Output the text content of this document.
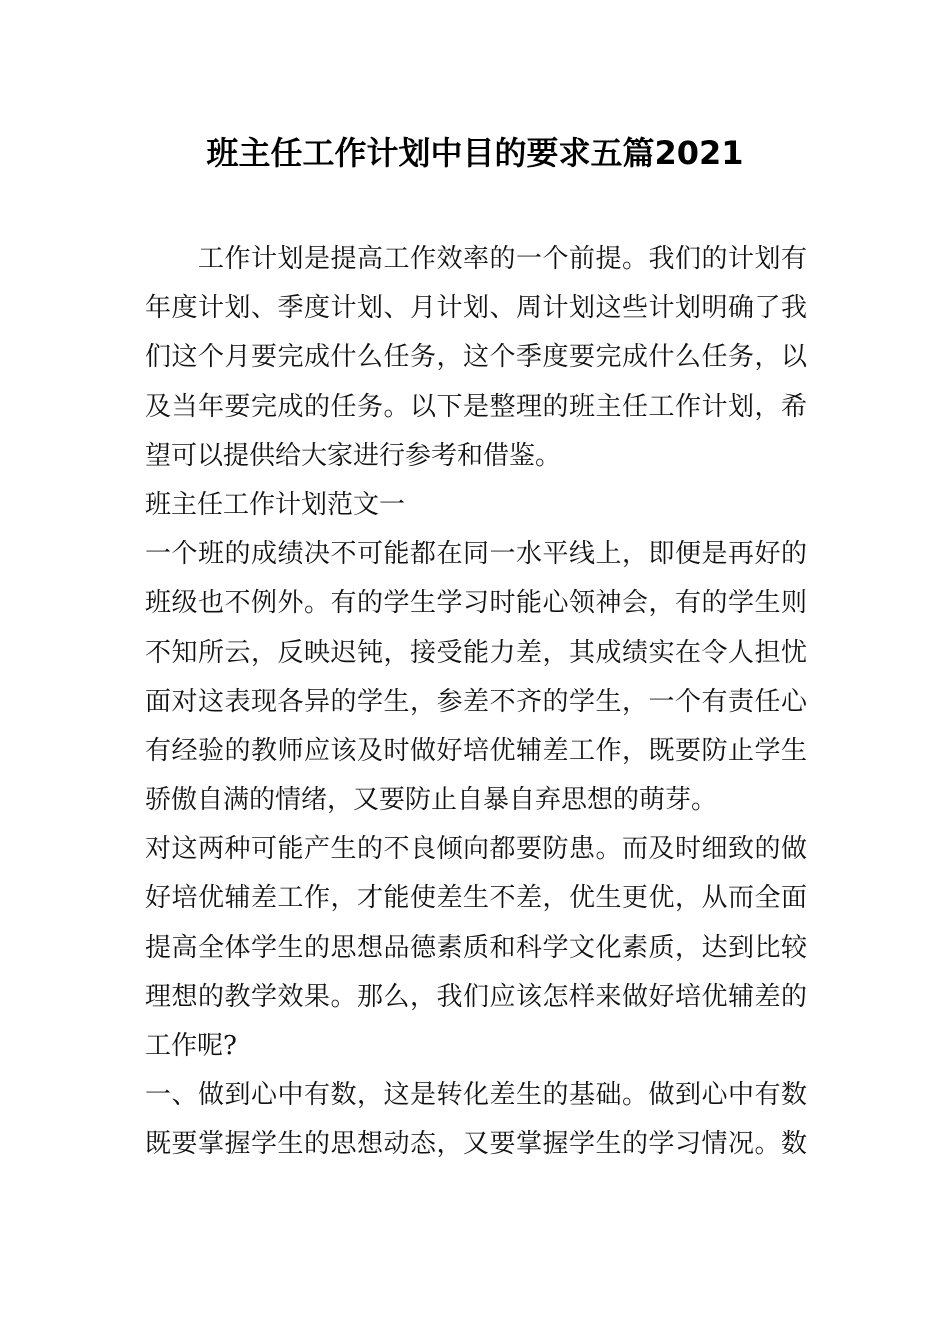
班主任工作计划中目的要求五篇2021
　　工作计划是提高工作效率的一个前提。我们的计划有
年度计划、季度计划、月计划、周计划这些计划明确了我
们这个月要完成什么任务，这个季度要完成什么任务，以
及当年要完成的任务。以下是整理的班主任工作计划，希
望可以提供给大家进行参考和借鉴。
班主任工作计划范文一
一个班的成绩决不可能都在同一水平线上，即便是再好的
班级也不例外。有的学生学习时能心领神会，有的学生则
不知所云，反映迟钝，接受能力差，其成绩实在令人担忧
面对这表现各异的学生，参差不齐的学生，一个有责任心
有经验的教师应该及时做好培优辅差工作，既要防止学生
骄傲自满的情绪，又要防止自暴自弃思想的萌芽。
对这两种可能产生的不良倾向都要防患。而及时细致的做
好培优辅差工作，才能使差生不差，优生更优，从而全面
提高全体学生的思想品德素质和科学文化素质，达到比较
理想的教学效果。那么，我们应该怎样来做好培优辅差的
工作呢?
一、做到心中有数，这是转化差生的基础。做到心中有数
既要掌握学生的思想动态，又要掌握学生的学习情况。数
